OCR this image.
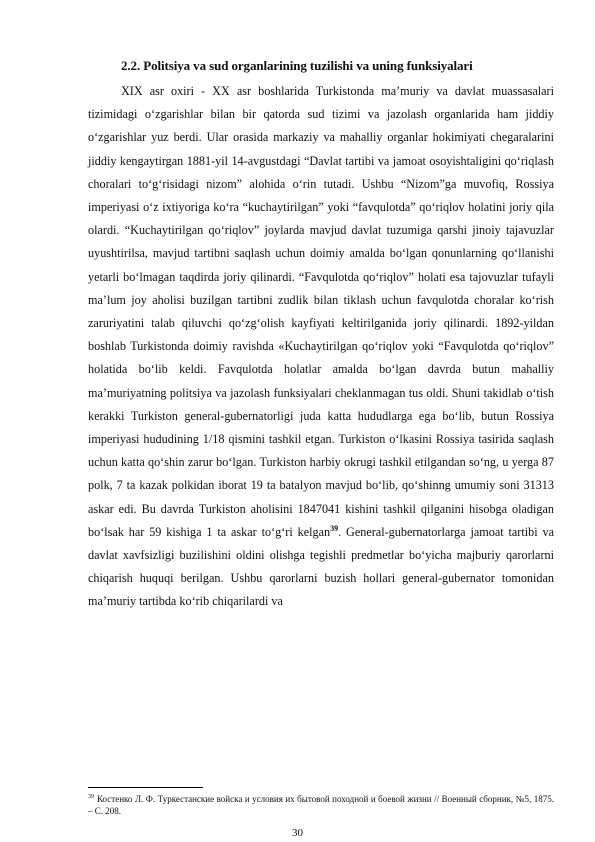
2.2. Politsiya va sud organlarining tuzilishi va uning funksiyalari

XIX asr oxiri - XX asr boshlarida Turkistonda ma’muriy va davlat muassasalari tizimidagi o‘zgarishlar bilan bir qatorda sud tizimi va jazolash organlarida ham jiddiy o‘zgarishlar yuz berdi. Ular orasida markaziy va mahalliy organlar hokimiyati chegaralarini jiddiy kengaytirgan 1881-yil 14-avgustdagi “Davlat tartibi va jamoat osoyishtaligini qo‘riqlash choralari to‘g‘risidagi nizom” alohida o‘rin tutadi. Ushbu “Nizom”ga muvofiq, Rossiya imperiyasi o‘z ixtiyoriga ko‘ra “kuchaytirilgan” yoki “favqulotda” qo‘riqlov holatini joriy qila olardi. “Kuchaytirilgan qo‘riqlov” joylarda mavjud davlat tuzumiga qarshi jinoiy tajavuzlar uyushtirilsa, mavjud tartibni saqlash uchun doimiy amalda bo‘lgan qonunlarning qo‘llanishi yetarli bo‘lmagan taqdirda joriy qilinardi. “Favqulotda qo‘riqlov” holati esa tajovuzlar tufayli ma’lum joy aholisi buzilgan tartibni zudlik bilan tiklash uchun favqulotda choralar ko‘rish zaruriyatini talab qiluvchi qo‘zg‘olish kayfiyati keltirilganida joriy qilinardi. 1892-yildan boshlab Turkistonda doimiy ravishda «Kuchaytirilgan qo‘riqlov yoki “Favqulotda qo‘riqlov” holatida bo‘lib keldi. Favqulotda holatlar amalda bo‘lgan davrda butun mahalliy ma’muriyatning politsiya va jazolash funksiyalari cheklanmagan tus oldi. Shuni takidlab o‘tish kerakki Turkiston general-gubernatorligi juda katta hududlarga ega bo‘lib, butun Rossiya imperiyasi hududining 1/18 qismini tashkil etgan. Turkiston o‘lkasini Rossiya tasirida saqlash uchun katta qo‘shin zarur bo‘lgan. Turkiston harbiy okrugi tashkil etilgandan so‘ng, u yerga 87 polk, 7 ta kazak polkidan iborat 19 ta batalyon mavjud bo‘lib, qo‘shinng umumiy soni 31313 askar edi. Bu davrda Turkiston aholisini 1847041 kishini tashkil qilganini hisobga oladigan bo‘lsak har 59 kishiga 1 ta askar to‘g‘ri kelgan$^{39}$. General-gubernatorlarga jamoat tartibi va davlat xavfsizligi buzilishini oldini olishga tegishli predmetlar bo‘yicha majburiy qarorlarni chiqarish huquqi berilgan. Ushbu qarorlarni buzish hollari general-gubernator tomonidan ma’muriy tartibda ko‘rib chiqarilardi va

$^{39}$ Костенко Л. Ф. Туркестанские войска и условия их бытовой походной и боевой жизни // Военный сборник, №5, 1875. – С. 208.

30
